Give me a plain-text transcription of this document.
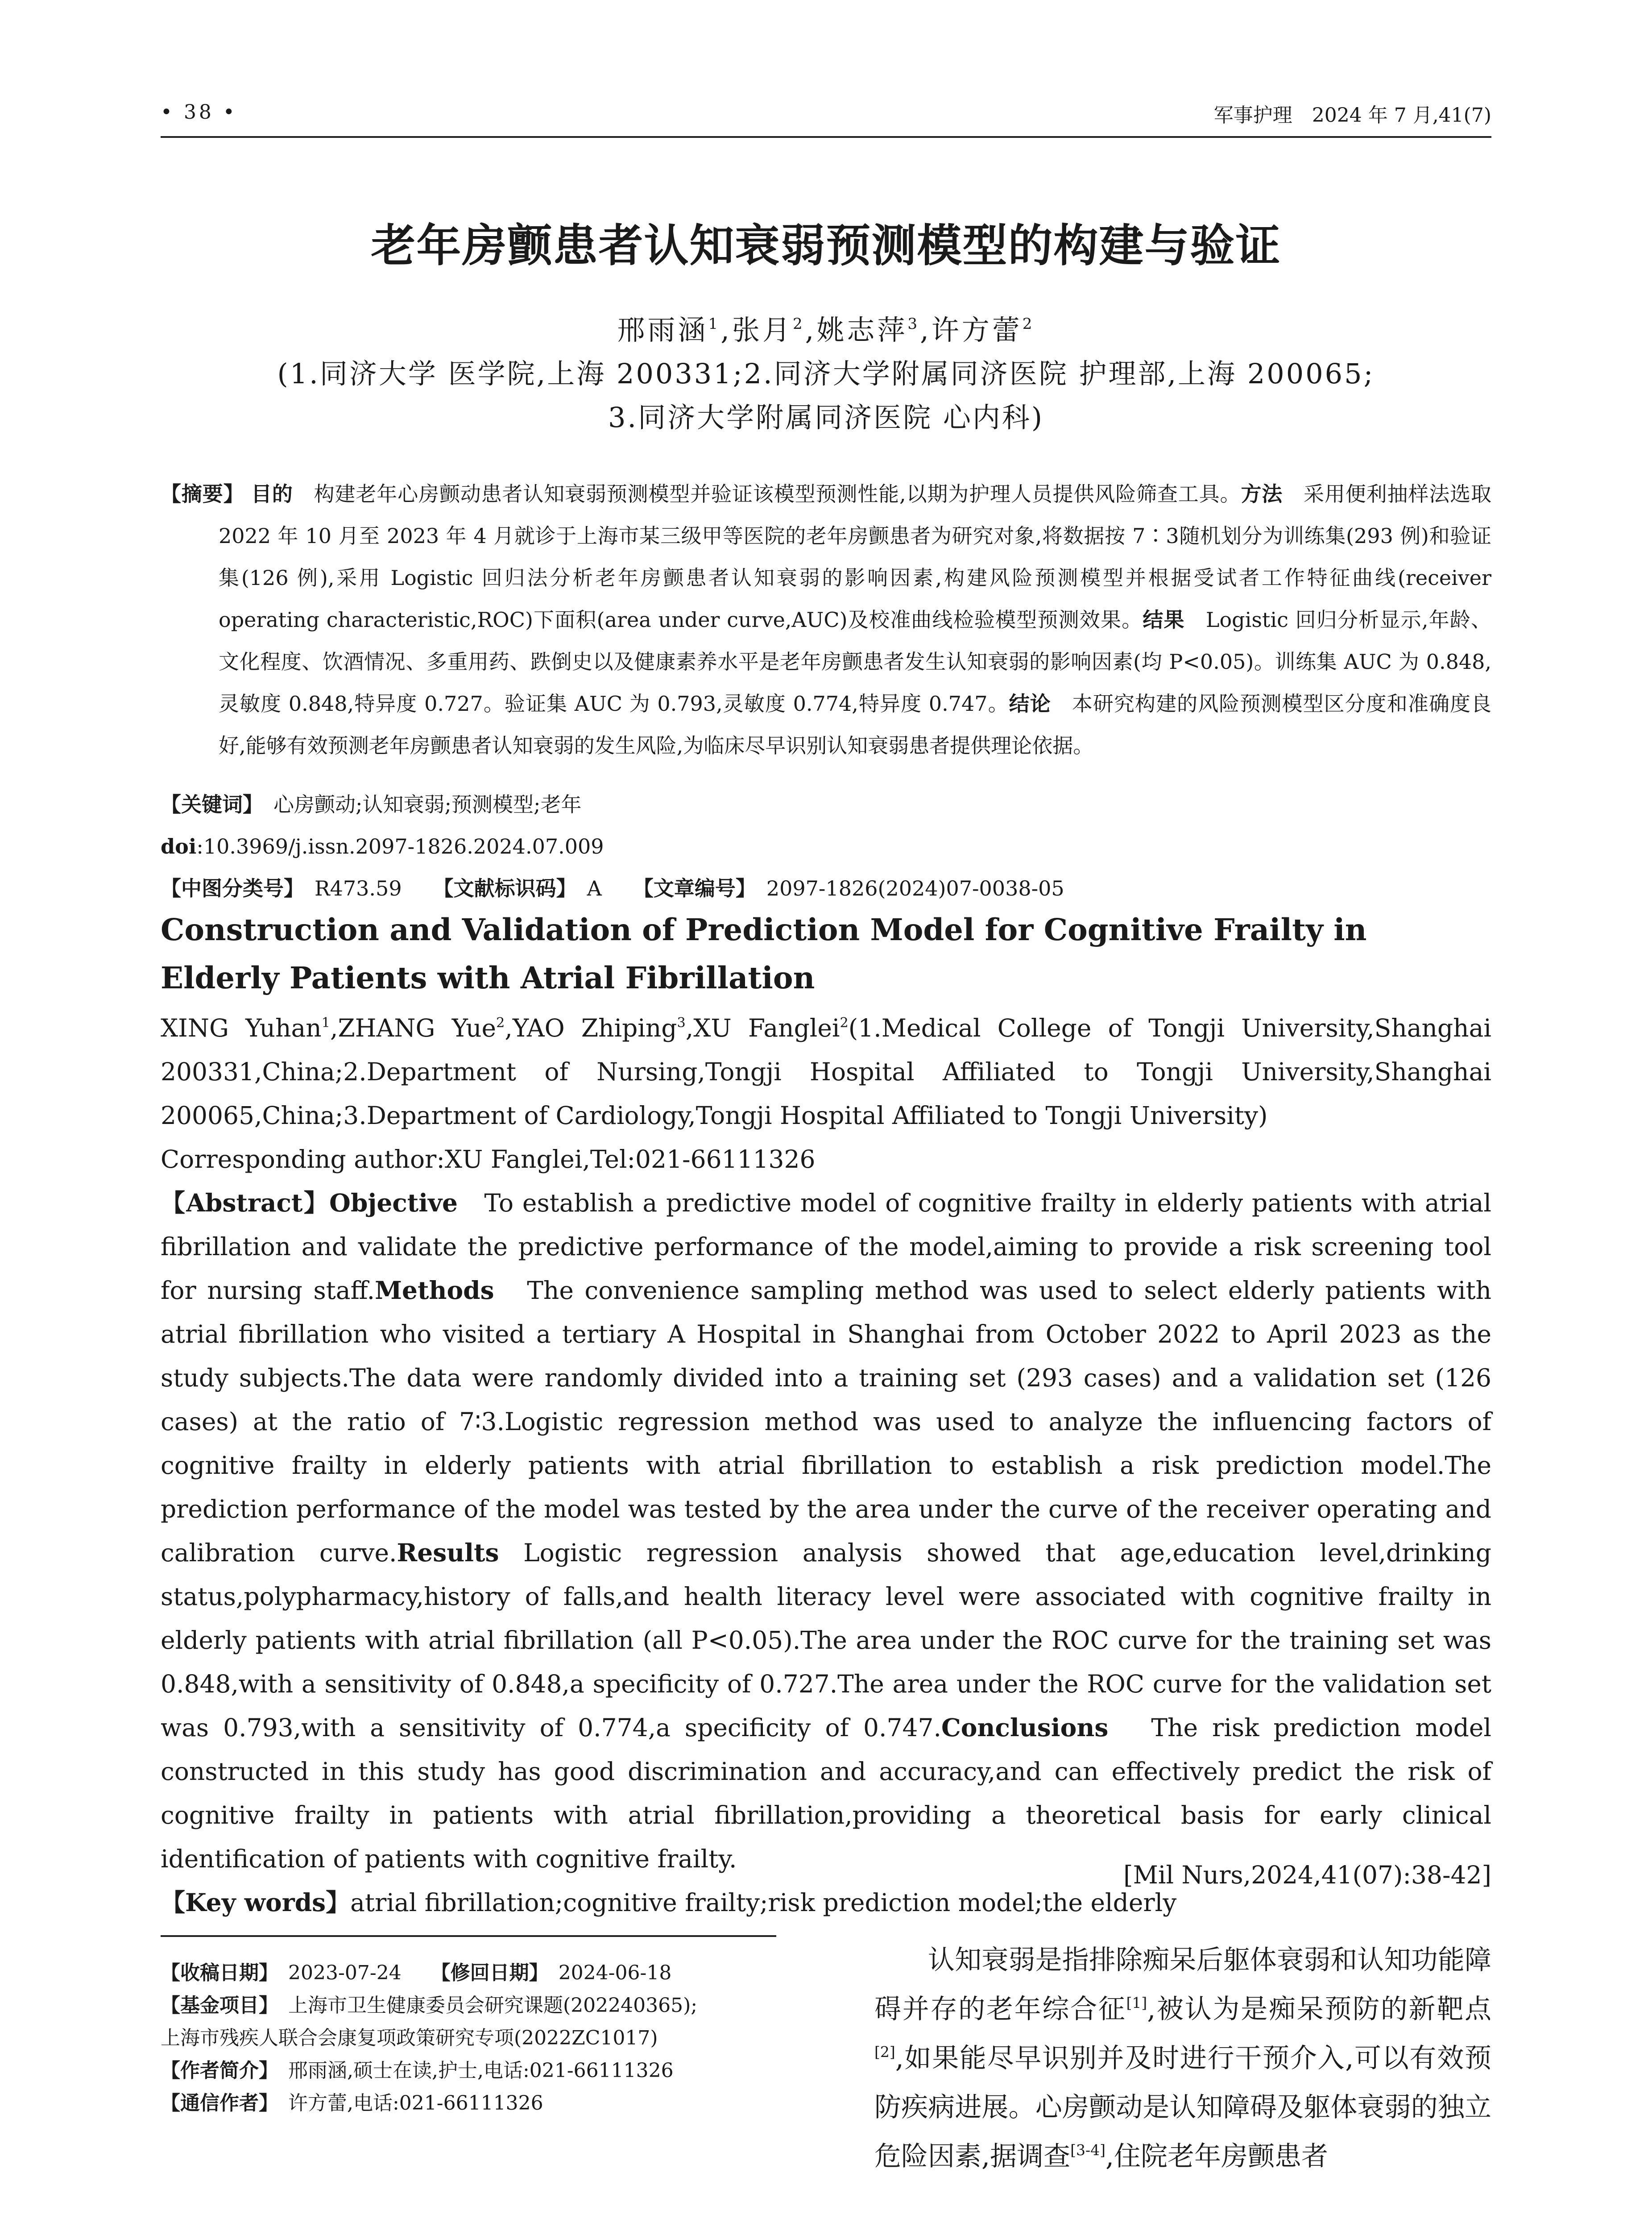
• 38 •	军事护理　2024 年 7 月,41(7)
老年房颤患者认知衰弱预测模型的构建与验证
邢雨涵$^1$,张月$^2$,姚志萍$^3$,许方蕾$^2$
(1.同济大学 医学院,上海 200331;2.同济大学附属同济医院 护理部,上海 200065;
3.同济大学附属同济医院 心内科)

【摘要】 目的　 构建老年心房颤动患者认知衰弱预测模型并验证该模型预测性能,以期为护理人员提供风险筛查工具。方法　 采用便利抽样法选取 2022 年 10 月至 2023 年 4 月就诊于上海市某三级甲等医院的老年房颤患者为研究对象,将数据按 7∶3随机划分为训练集(293 例)和验证集(126 例),采用 Logistic 回归法分析老年房颤患者认知衰弱的影响因素,构建风险预测模型并根据受试者工作特征曲线(receiver operating characteristic,ROC)下面积(area under curve,AUC)及校准曲线检验模型预测效果。结果　 Logistic 回归分析显示,年龄、文化程度、饮酒情况、多重用药、跌倒史以及健康素养水平是老年房颤患者发生认知衰弱的影响因素(均 P<0.05)。训练集 AUC 为 0.848,灵敏度 0.848,特异度 0.727。验证集 AUC 为 0.793,灵敏度 0.774,特异度 0.747。结论　 本研究构建的风险预测模型区分度和准确度良好,能够有效预测老年房颤患者认知衰弱的发生风险,为临床尽早识别认知衰弱患者提供理论依据。

【关键词】　 心房颤动;认知衰弱;预测模型;老年
doi:10.3969/j.issn.2097-1826.2024.07.009
【中图分类号】　 R473.59 【文献标识码】　 A 【文章编号】　 2097-1826(2024)07-0038-05
Construction and Validation of Prediction Model for Cognitive Frailty in Elderly Patients with Atrial Fibrillation

XING Yuhan$^1$,ZHANG Yue$^2$,YAO Zhiping$^3$,XU Fanglei$^2$(1.Medical College of Tongji University,Shanghai 200331,China;2.Department of Nursing,Tongji Hospital Affiliated to Tongji University,Shanghai 200065,China;3.Department of Cardiology,Tongji Hospital Affiliated to Tongji University)

Corresponding author:XU Fanglei,Tel:021-66111326

【Abstract】Objective To establish a predictive model of cognitive frailty in elderly patients with atrial fibrillation and validate the predictive performance of the model,aiming to provide a risk screening tool for nursing staff.Methods The convenience sampling method was used to select elderly patients with atrial fibrillation who visited a tertiary A Hospital in Shanghai from October 2022 to April 2023 as the study subjects.The data were randomly divided into a training set (293 cases) and a validation set (126 cases) at the ratio of 7∶3.Logistic regression method was used to analyze the influencing factors of cognitive frailty in elderly patients with atrial fibrillation to establish a risk prediction model.The prediction performance of the model was tested by the area under the curve of the receiver operating and calibration curve.Results Logistic regression analysis showed that age,education level,drinking status,polypharmacy,history of falls,and health literacy level were associated with cognitive frailty in elderly patients with atrial fibrillation (all P<0.05).The area under the ROC curve for the training set was 0.848,with a sensitivity of 0.848,a specificity of 0.727.The area under the ROC curve for the validation set was 0.793,with a sensitivity of 0.774,a specificity of 0.747.Conclusions The risk prediction model constructed in this study has good discrimination and accuracy,and can effectively predict the risk of cognitive frailty in patients with atrial fibrillation,providing a theoretical basis for early clinical identification of patients with cognitive frailty.

【Key words】atrial fibrillation;cognitive frailty;risk prediction model;the elderly

[Mil Nurs,2024,41(07):38-42]
【收稿日期】　 2023-07-24　　 【修回日期】　 2024-06-18
【基金项目】　 上海市卫生健康委员会研究课题(202240365);
上海市残疾人联合会康复项政策研究专项(2022ZC1017)
【作者简介】　 邢雨涵,硕士在读,护士,电话:021-66111326
【通信作者】　 许方蕾,电话:021-66111326

认知衰弱是指排除痴呆后躯体衰弱和认知功能障碍并存的老年综合征[1],被认为是痴呆预防的新靶点[2],如果能尽早识别并及时进行干预介入,可以有效预防疾病进展。心房颤动是认知障碍及躯体衰弱的独立危险因素,据调查[3-4],住院老年房颤患者
